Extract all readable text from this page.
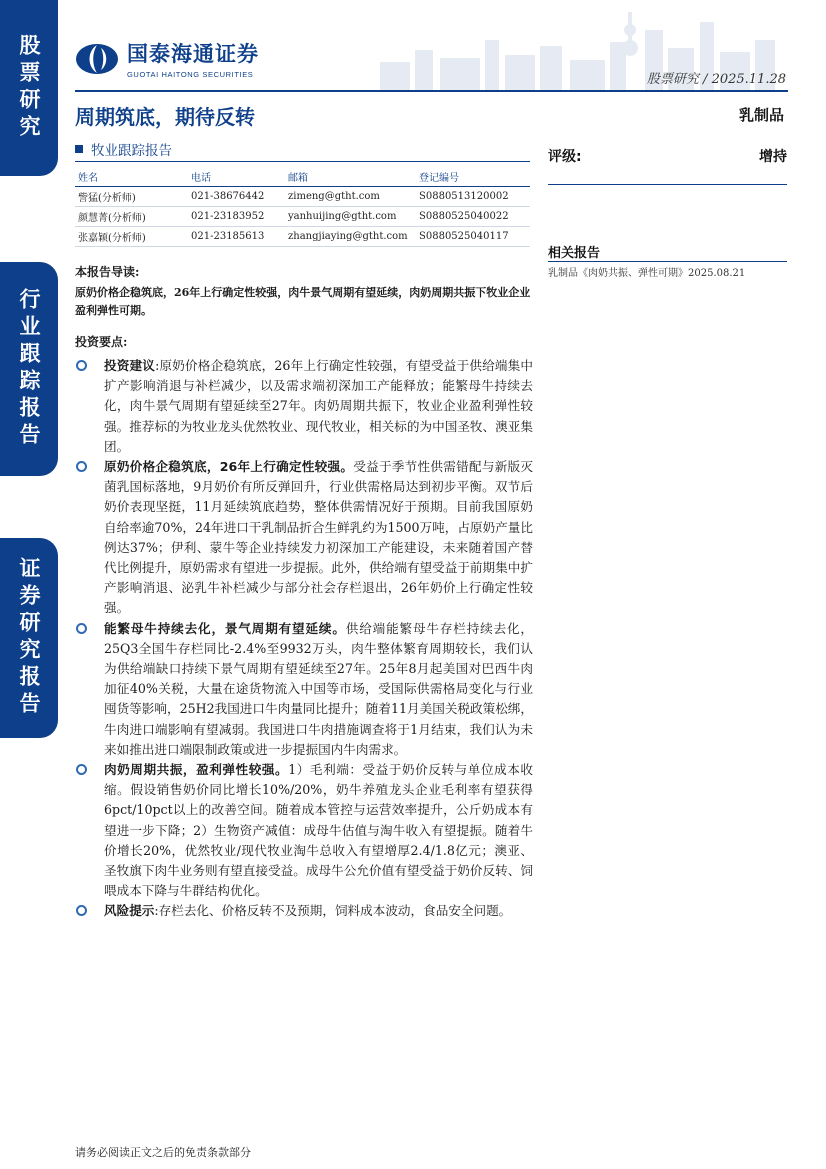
股票研究
行业跟踪报告
证券研究报告
国泰海通证券
GUOTAI HAITONG SECURITIES	股票研究 / 2025.11.28
周期筑底，期待反转	乳制品
牧业跟踪报告
姓名	电话	邮箱	登记编号
訾猛(分析师)	021-38676442	zimeng@gtht.com	S0880513120002
颜慧菁(分析师)	021-23183952	yanhuijing@gtht.com	S0880525040022
张嘉颖(分析师)	021-23185613	zhangjiaying@gtht.com	S0880525040117
评级:	增持
相关报告
乳制品《肉奶共振、弹性可期》2025.08.21
本报告导读:
原奶价格企稳筑底，26年上行确定性较强，肉牛景气周期有望延续，肉奶周期共振下牧业企业盈利弹性可期。
投资要点:
投资建议:原奶价格企稳筑底，26年上行确定性较强，有望受益于供给端集中扩产影响消退与补栏减少，以及需求端初深加工产能释放；能繁母牛持续去化，肉牛景气周期有望延续至27年。肉奶周期共振下，牧业企业盈利弹性较强。推荐标的为牧业龙头优然牧业、现代牧业，相关标的为中国圣牧、澳亚集团。
原奶价格企稳筑底，26年上行确定性较强。受益于季节性供需错配与新版灭菌乳国标落地，9月奶价有所反弹回升，行业供需格局达到初步平衡。双节后奶价表现坚挺，11月延续筑底趋势，整体供需情况好于预期。目前我国原奶自给率逾70%，24年进口干乳制品折合生鲜乳约为1500万吨，占原奶产量比例达37%；伊利、蒙牛等企业持续发力初深加工产能建设，未来随着国产替代比例提升，原奶需求有望进一步提振。此外，供给端有望受益于前期集中扩产影响消退、泌乳牛补栏减少与部分社会存栏退出，26年奶价上行确定性较强。
能繁母牛持续去化，景气周期有望延续。供给端能繁母牛存栏持续去化，25Q3全国牛存栏同比-2.4%至9932万头，肉牛整体繁育周期较长，我们认为供给端缺口持续下景气周期有望延续至27年。25年8月起美国对巴西牛肉加征40%关税，大量在途货物流入中国等市场，受国际供需格局变化与行业囤货等影响，25H2我国进口牛肉量同比提升；随着11月美国关税政策松绑，牛肉进口端影响有望减弱。我国进口牛肉措施调查将于1月结束，我们认为未来如推出进口端限制政策或进一步提振国内牛肉需求。
肉奶周期共振，盈利弹性较强。1）毛利端：受益于奶价反转与单位成本收缩。假设销售奶价同比增长10%/20%，奶牛养殖龙头企业毛利率有望获得6pct/10pct以上的改善空间。随着成本管控与运营效率提升，公斤奶成本有望进一步下降；2）生物资产减值：成母牛估值与淘牛收入有望提振。随着牛价增长20%，优然牧业/现代牧业淘牛总收入有望增厚2.4/1.8亿元；澳亚、圣牧旗下肉牛业务则有望直接受益。成母牛公允价值有望受益于奶价反转、饲喂成本下降与牛群结构优化。
风险提示:存栏去化、价格反转不及预期，饲料成本波动，食品安全问题。
请务必阅读正文之后的免责条款部分
